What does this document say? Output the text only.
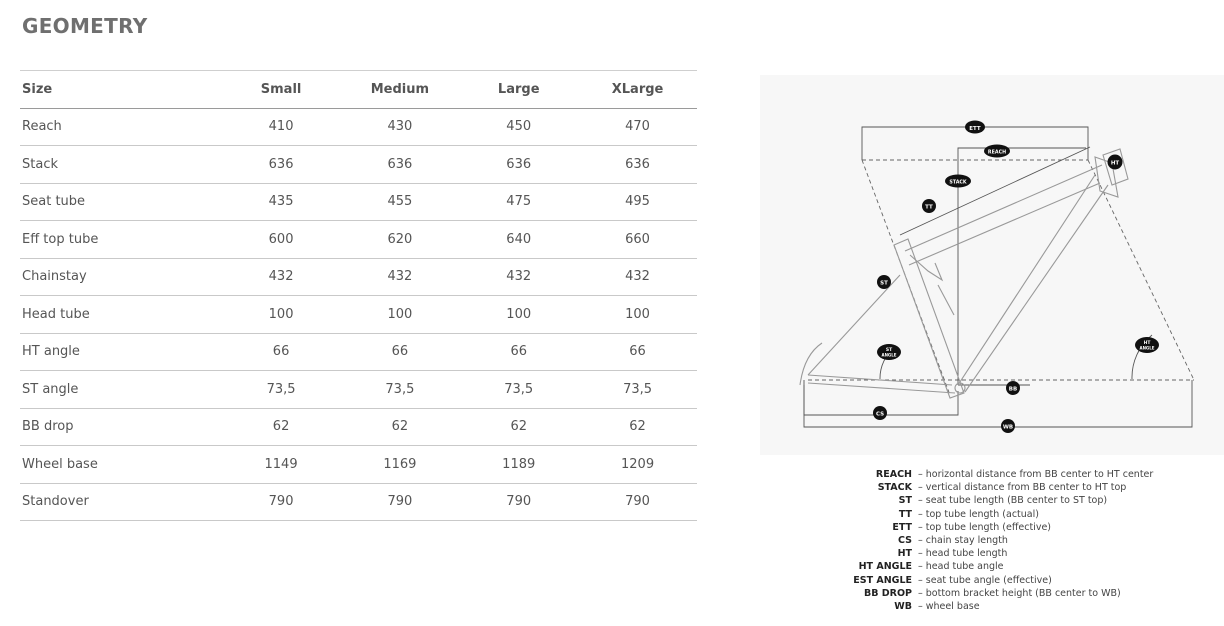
GEOMETRY
Size	Small	Medium	Large	XLarge
Reach	410	430	450	470
Stack	636	636	636	636
Seat tube	435	455	475	495
Eff top tube	600	620	640	660
Chainstay	432	432	432	432
Head tube	100	100	100	100
HT angle	66	66	66	66
ST angle	73,5	73,5	73,5	73,5
BB drop	62	62	62	62
Wheel base	1149	1169	1189	1209
Standover	790	790	790	790
ETT
REACH
STACK
HT
TT
ST
ST
ANGLE
HT
ANGLE
BB
CS
WB
REACH – horizontal distance from BB center to HT center
STACK – vertical distance from BB center to HT top
ST – seat tube length (BB center to ST top)
TT – top tube length (actual)
ETT – top tube length (effective)
CS – chain stay length
HT – head tube length
HT ANGLE – head tube angle
EST ANGLE – seat tube angle (effective)
BB DROP – bottom bracket height (BB center to WB)
WB – wheel base
